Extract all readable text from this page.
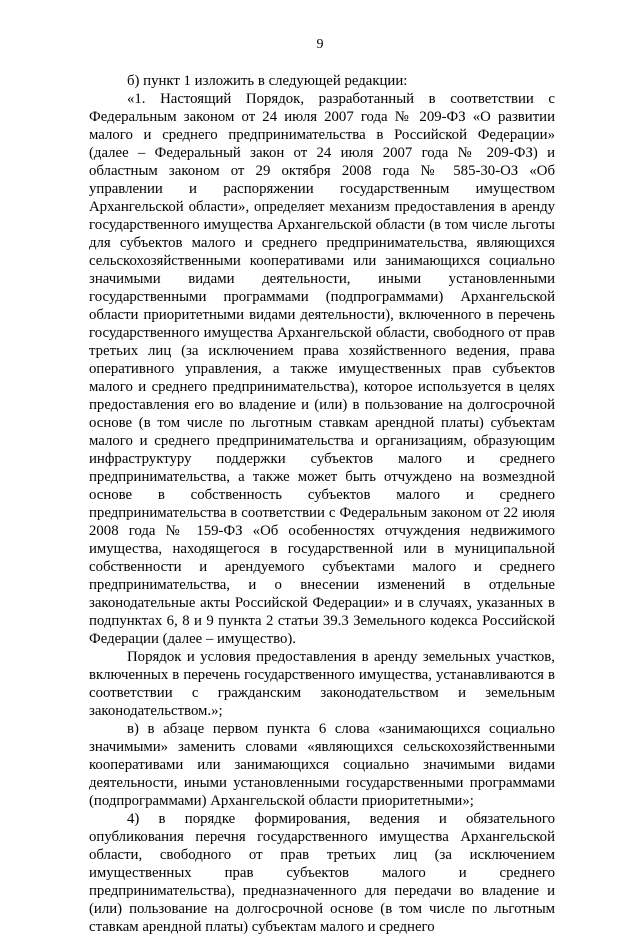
9

б) пункт 1 изложить в следующей редакции:

«1. Настоящий Порядок, разработанный в соответствии с Федеральным законом от 24 июля 2007 года № 209-ФЗ «О развитии малого и среднего предпринимательства в Российской Федерации» (далее – Федеральный закон от 24 июля 2007 года № 209-ФЗ) и областным законом от 29 октября 2008 года № 585-30-ОЗ «Об управлении и распоряжении государственным имуществом Архангельской области», определяет механизм предоставления в аренду государственного имущества Архангельской области (в том числе льготы для субъектов малого и среднего предпринимательства, являющихся сельскохозяйственными кооперативами или занимающихся социально значимыми видами деятельности, иными установленными государственными программами (подпрограммами) Архангельской области приоритетными видами деятельности), включенного в перечень государственного имущества Архангельской области, свободного от прав третьих лиц (за исключением права хозяйственного ведения, права оперативного управления, а также имущественных прав субъектов малого и среднего предпринимательства), которое используется в целях предоставления его во владение и (или) в пользование на долгосрочной основе (в том числе по льготным ставкам арендной платы) субъектам малого и среднего предпринимательства и организациям, образующим инфраструктуру поддержки субъектов малого и среднего предпринимательства, а также может быть отчуждено на возмездной основе в собственность субъектов малого и среднего предпринимательства в соответствии с Федеральным законом от 22 июля 2008 года № 159-ФЗ «Об особенностях отчуждения недвижимого имущества, находящегося в государственной или в муниципальной собственности и арендуемого субъектами малого и среднего предпринимательства, и о внесении изменений в отдельные законодательные акты Российской Федерации» и в случаях, указанных в подпунктах 6, 8 и 9 пункта 2 статьи 39.3 Земельного кодекса Российской Федерации (далее – имущество).

Порядок и условия предоставления в аренду земельных участков, включенных в перечень государственного имущества, устанавливаются в соответствии с гражданским законодательством и земельным законодательством.»;

в) в абзаце первом пункта 6 слова «занимающихся социально значимыми» заменить словами «являющихся сельскохозяйственными кооперативами или занимающихся социально значимыми видами деятельности, иными установленными государственными программами (подпрограммами) Архангельской области приоритетными»;

4) в порядке формирования, ведения и обязательного опубликования перечня государственного имущества Архангельской области, свободного от прав третьих лиц (за исключением имущественных прав субъектов малого и среднего предпринимательства), предназначенного для передачи во владение и (или) пользование на долгосрочной основе (в том числе по льготным ставкам арендной платы) субъектам малого и среднего
